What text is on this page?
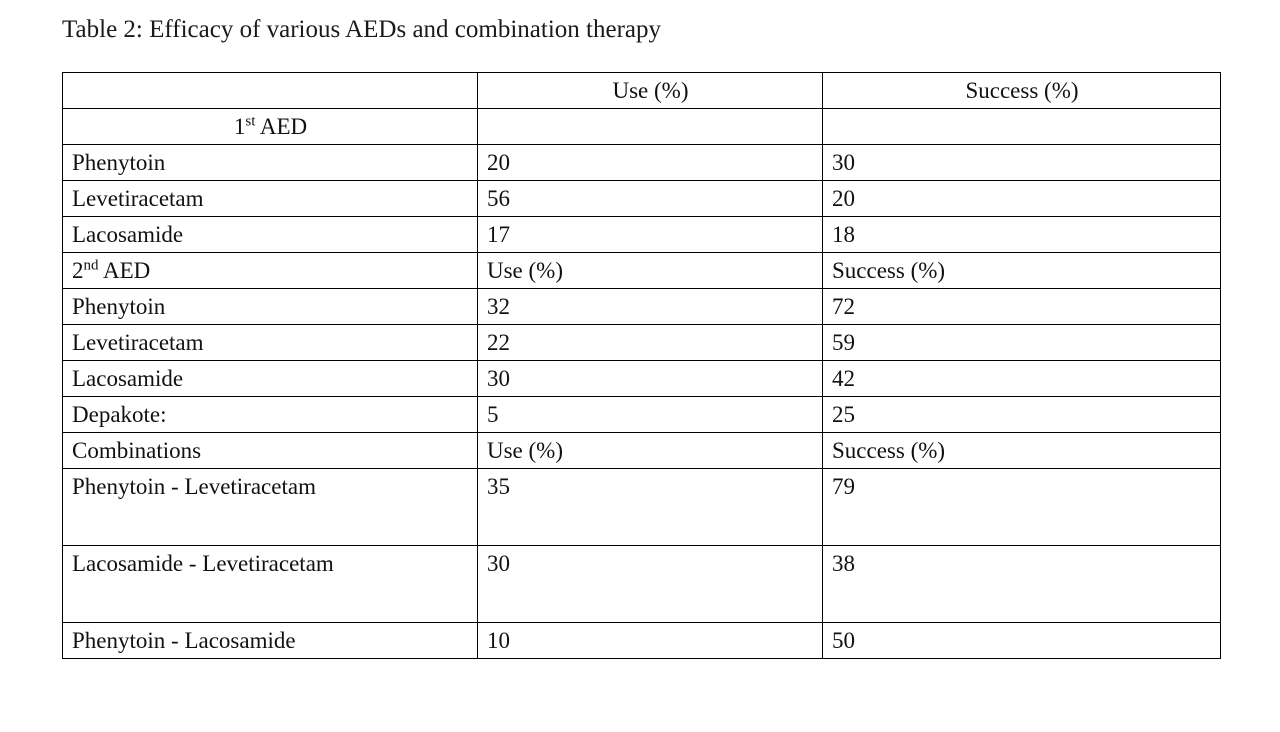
Table 2: Efficacy of various AEDs and combination therapy

	Use (%)	Success (%)
1st AED		
Phenytoin	20	30
Levetiracetam	56	20
Lacosamide	17	18
2nd AED	Use (%)	Success (%)
Phenytoin	32	72
Levetiracetam	22	59
Lacosamide	30	42
Depakote:	5	25
Combinations	Use (%)	Success (%)
Phenytoin - Levetiracetam	35	79
Lacosamide - Levetiracetam	30	38
Phenytoin - Lacosamide	10	50
